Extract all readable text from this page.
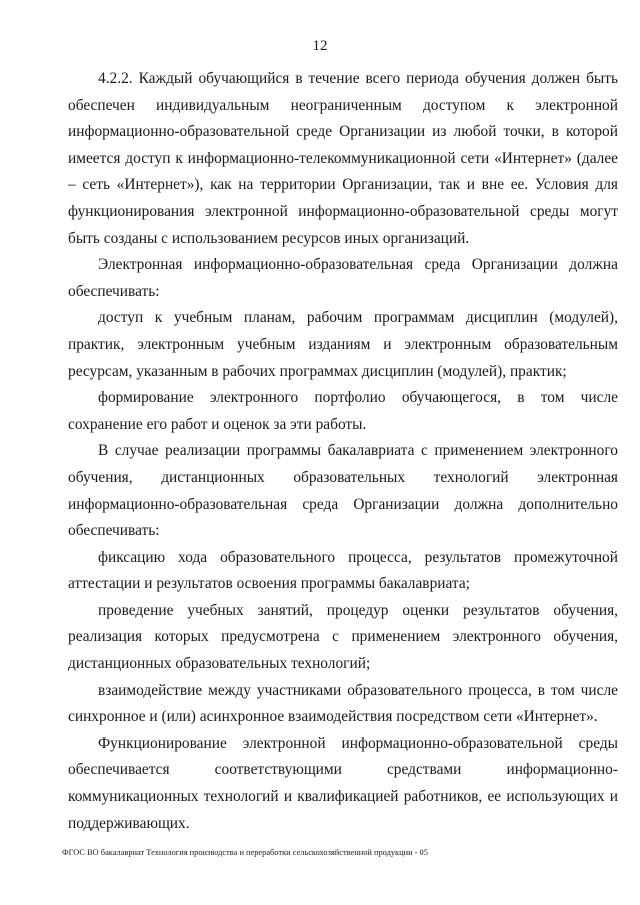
12

4.2.2. Каждый обучающийся в течение всего периода обучения должен быть обеспечен индивидуальным неограниченным доступом к электронной информационно-образовательной среде Организации из любой точки, в которой имеется доступ к информационно-телекоммуникационной сети «Интернет» (далее – сеть «Интернет»), как на территории Организации, так и вне ее. Условия для функционирования электронной информационно-образовательной среды могут быть созданы с использованием ресурсов иных организаций.

Электронная информационно-образовательная среда Организации должна обеспечивать:

доступ к учебным планам, рабочим программам дисциплин (модулей), практик, электронным учебным изданиям и электронным образовательным ресурсам, указанным в рабочих программах дисциплин (модулей), практик;

формирование электронного портфолио обучающегося, в том числе сохранение его работ и оценок за эти работы.

В случае реализации программы бакалавриата с применением электронного обучения, дистанционных образовательных технологий электронная информационно-образовательная среда Организации должна дополнительно обеспечивать:

фиксацию хода образовательного процесса, результатов промежуточной аттестации и результатов освоения программы бакалавриата;

проведение учебных занятий, процедур оценки результатов обучения, реализация которых предусмотрена с применением электронного обучения, дистанционных образовательных технологий;

взаимодействие между участниками образовательного процесса, в том числе синхронное и (или) асинхронное взаимодействия посредством сети «Интернет».

Функционирование электронной информационно-образовательной среды обеспечивается соответствующими средствами информационно-коммуникационных технологий и квалификацией работников, ее использующих и поддерживающих.

ФГОС ВО бакалавриат Технология производства и переработки сельскохозяйственной продукции - 05
